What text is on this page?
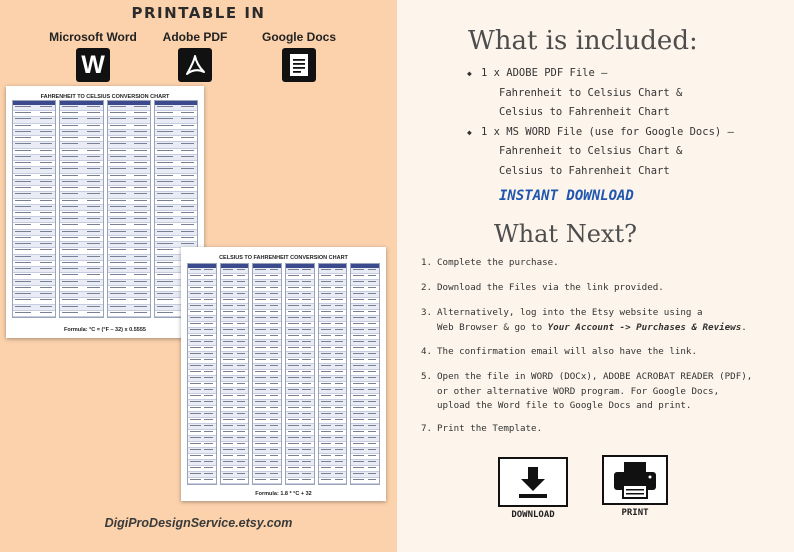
PRINTABLE IN
Microsoft Word
W
Adobe PDF	Google Docs
FAHRENHEIT TO CELSIUS CONVERSION CHART
Formula: °C = (°F – 32) x 0.5555
CELSIUS TO FAHRENHEIT CONVERSION CHART
Formula: 1.8 * °C + 32
DigiProDesignService.etsy.com
What is included:
◆ 1 x ADOBE PDF File –
Fahrenheit to Celsius Chart &
Celsius to Fahrenheit Chart
◆ 1 x MS WORD File (use for Google Docs) –
Fahrenheit to Celsius Chart &
Celsius to Fahrenheit Chart
INSTANT DOWNLOAD
What Next?
1. Complete the purchase.
2. Download the Files via the link provided.
3. Alternatively, log into the Etsy website using a
Web Browser & go to Your Account -> Purchases & Reviews.
4. The confirmation email will also have the link.
5. Open the file in WORD (DOCx), ADOBE ACROBAT READER (PDF),
or other alternative WORD program. For Google Docs,
upload the Word file to Google Docs and print.
7. Print the Template.
DOWNLOAD	PRINT
